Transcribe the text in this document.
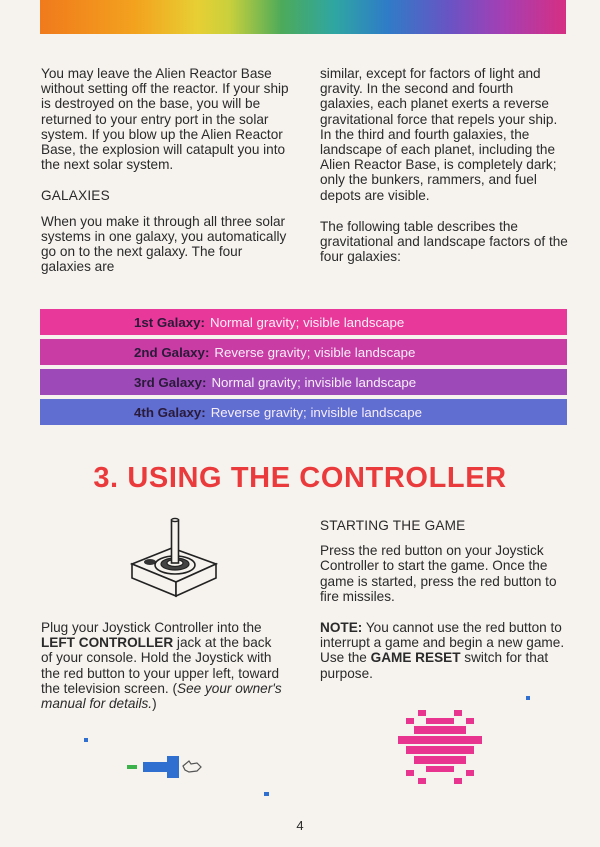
You may leave the Alien Reactor Base without setting off the reactor. If your ship is destroyed on the base, you will be returned to your entry port in the solar system. If you blow up the Alien Reactor Base, the explosion will catapult you into the next solar system.

GALAXIES

When you make it through all three solar systems in one galaxy, you automatically go on to the next galaxy. The four galaxies are

similar, except for factors of light and gravity. In the second and fourth galaxies, each planet exerts a reverse gravitational force that repels your ship. In the third and fourth galaxies, the landscape of each planet, including the Alien Reactor Base, is completely dark; only the bunkers, rammers, and fuel depots are visible.

The following table describes the gravitational and landscape factors of the four galaxies:

1st Galaxy: Normal gravity; visible landscape
2nd Galaxy: Reverse gravity; visible landscape
3rd Galaxy: Normal gravity; invisible landscape
4th Galaxy: Reverse gravity; invisible landscape
3. USING THE CONTROLLER

Plug your Joystick Controller into the LEFT CONTROLLER jack at the back of your console. Hold the Joystick with the red button to your upper left, toward the television screen. (See your owner's manual for details.)

STARTING THE GAME

Press the red button on your Joystick Controller to start the game. Once the game is started, press the red button to fire missiles.

NOTE: You cannot use the red button to interrupt a game and begin a new game. Use the GAME RESET switch for that purpose.

4
